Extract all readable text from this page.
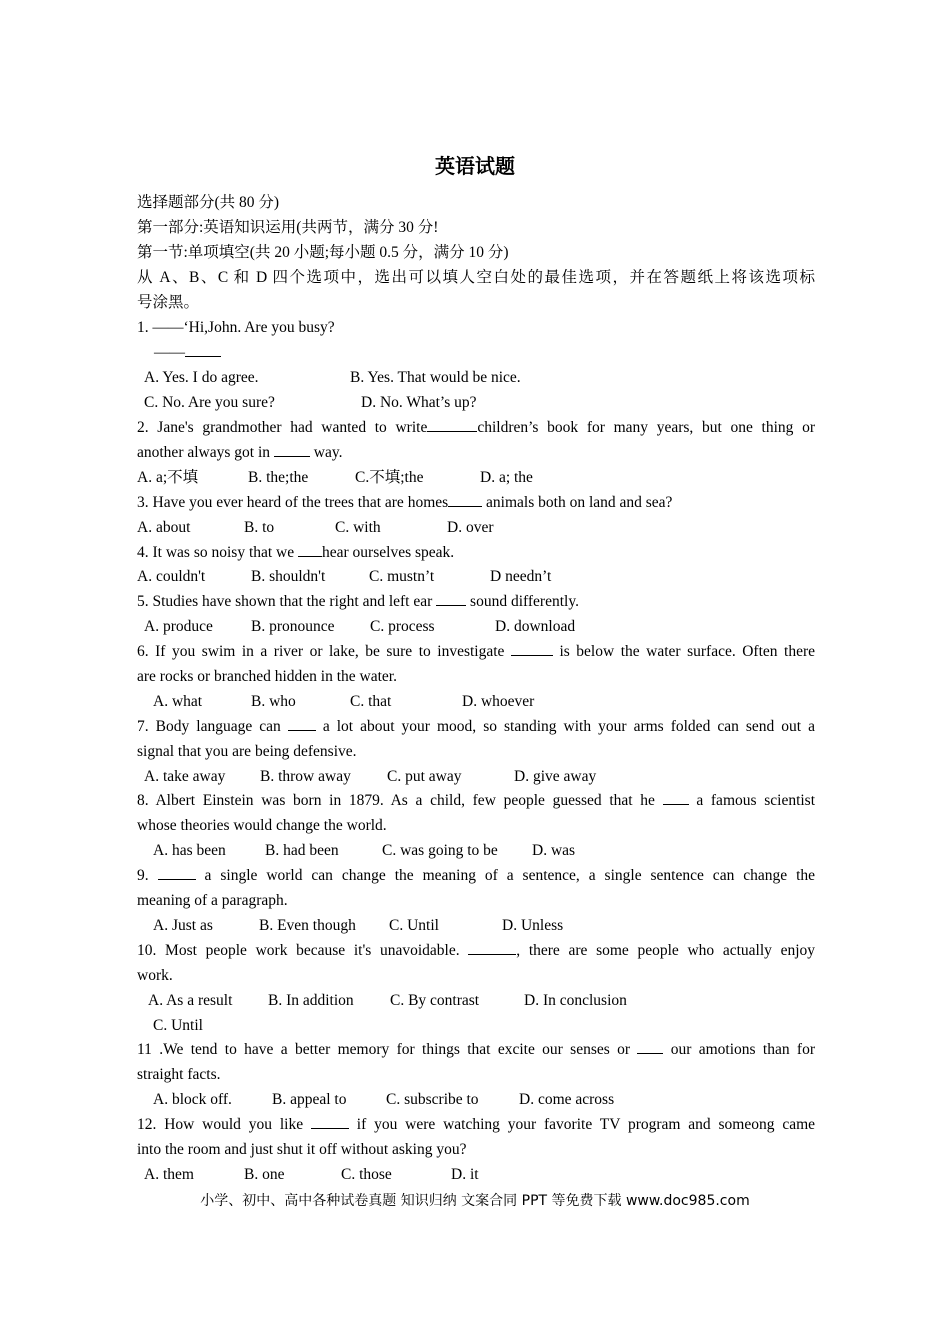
英语试题

选择题部分(共 80 分)

第一部分:英语知识运用(共两节，满分 30 分!

第一节:单项填空(共 20 小题;每小题 0.5 分，满分 10 分)

从 A、B、C 和 D 四个选项中，选出可以填人空白处的最佳选项，并在答题纸上将该选项标

号涂黑。

1. ——‘Hi,John. Are you busy?

——

A. Yes. I do agree.	B. Yes. That would be nice.
C. No. Are you sure?	D. No. What’s up?

2. Jane's grandmother had wanted to write	children’s book for many years, but one thing or

another always got in	way.

A. a;不填	B. the;the	C.不填;the	D. a; the

3. Have you ever heard of the trees that are homes animals both on land and sea?

A. about	B. to	C. with	D. over

4. It was so noisy that we hear ourselves speak.

A. couldn't	B. shouldn't	C. mustn’t	D needn’t

5. Studies have shown that the right and left ear  sound differently.

A. produce B. pronounce C. process	D. download

6. If you swim in a river or lake, be sure to investigate	is below the water surface. Often there

are rocks or branched hidden in the water.

A. what	B. who	C. that	D. whoever

7. Body language can	a lot about your mood, so standing with your arms folded can send out a

signal that you are being defensive.

A. take away B. throw away C. put away	D. give away

8. Albert Einstein was born in 1879. As a child, few people guessed that he	a famous scientist

whose theories would change the world.

A. has been	B. had been	C. was going to be D. was

9.	a single world can change the meaning of a sentence, a single sentence can change the

meaning of a paragraph.

A. Just as	B. Even though C. Until	D. Unless

10. Most people work because it's unavoidable.	, there are some people who actually enjoy

work.

A. As a result B. In addition C. By contrast	D. In conclusion

C. Until

11 .We tend to have a better memory for things that excite our senses or	our amotions than for

straight facts.

A. block off.	B. appeal to	C. subscribe to	D. come across

12. How would you like	if you were watching your favorite TV program and someong came

into the room and just shut it off without asking you?

A. them	B. one	C. those	D. it
小学、初中、高中各种试卷真题 知识归纳 文案合同 PPT 等免费下载 www.doc985.com
